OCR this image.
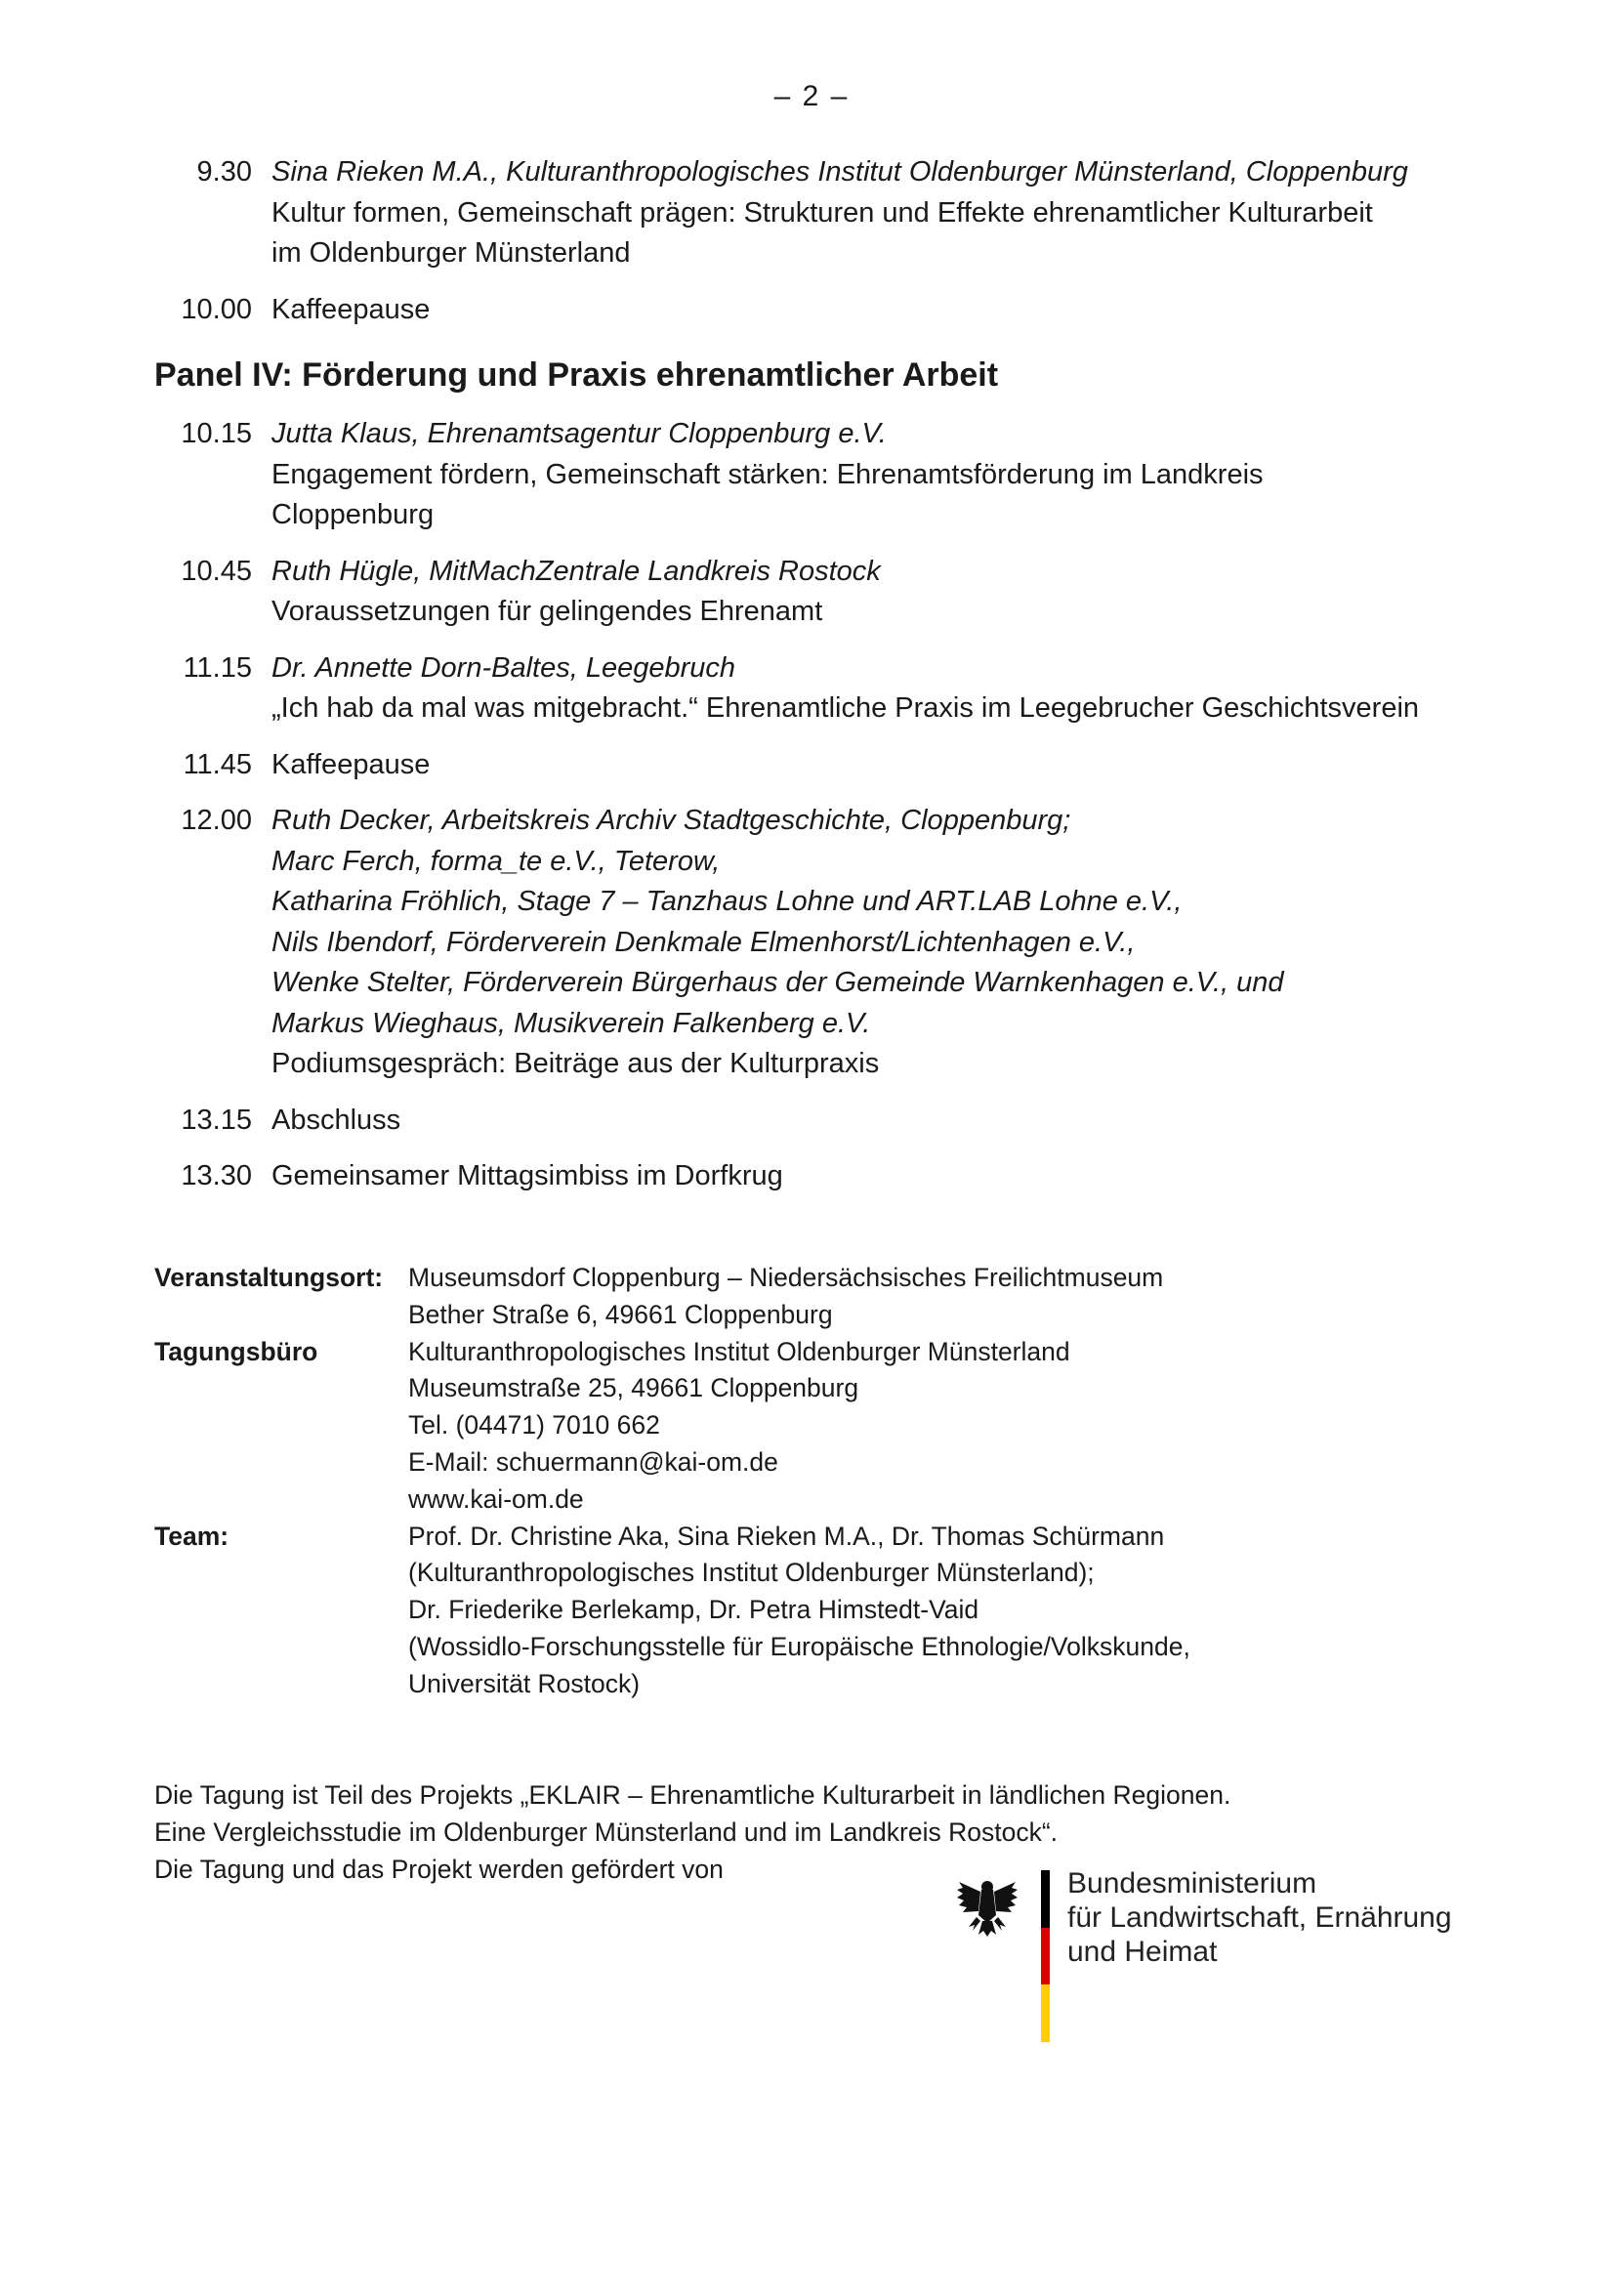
– 2 –
9.30 Sina Rieken M.A., Kulturanthropologisches Institut Oldenburger Münsterland, Cloppenburg
Kultur formen, Gemeinschaft prägen: Strukturen und Effekte ehrenamtlicher Kulturarbeit
im Oldenburger Münsterland
10.00 Kaffeepause
Panel IV: Förderung und Praxis ehrenamtlicher Arbeit
10.15 Jutta Klaus, Ehrenamtsagentur Cloppenburg e.V.
Engagement fördern, Gemeinschaft stärken: Ehrenamtsförderung im Landkreis
Cloppenburg
10.45 Ruth Hügle, MitMachZentrale Landkreis Rostock
Voraussetzungen für gelingendes Ehrenamt
11.15 Dr. Annette Dorn-Baltes, Leegebruch
„Ich hab da mal was mitgebracht.“ Ehrenamtliche Praxis im Leegebrucher Geschichtsverein
11.45 Kaffeepause
12.00 Ruth Decker, Arbeitskreis Archiv Stadtgeschichte, Cloppenburg;
Marc Ferch, forma_te e.V., Teterow,
Katharina Fröhlich, Stage 7 – Tanzhaus Lohne und ART.LAB Lohne e.V.,
Nils Ibendorf, Förderverein Denkmale Elmenhorst/Lichtenhagen e.V.,
Wenke Stelter, Förderverein Bürgerhaus der Gemeinde Warnkenhagen e.V., und
Markus Wieghaus, Musikverein Falkenberg e.V.
Podiumsgespräch: Beiträge aus der Kulturpraxis
13.15 Abschluss
13.30 Gemeinsamer Mittagsimbiss im Dorfkrug
Veranstaltungsort: Museumsdorf Cloppenburg – Niedersächsisches Freilichtmuseum
Bether Straße 6, 49661 Cloppenburg
Tagungsbüro	Kulturanthropologisches Institut Oldenburger Münsterland
Museumstraße 25, 49661 Cloppenburg
Tel. (04471) 7010 662
E-Mail: schuermann@kai-om.de
www.kai-om.de
Team:	Prof. Dr. Christine Aka, Sina Rieken M.A., Dr. Thomas Schürmann
(Kulturanthropologisches Institut Oldenburger Münsterland);
Dr. Friederike Berlekamp, Dr. Petra Himstedt-Vaid
(Wossidlo-Forschungsstelle für Europäische Ethnologie/Volkskunde,
Universität Rostock)
Die Tagung ist Teil des Projekts „EKLAIR – Ehrenamtliche Kulturarbeit in ländlichen Regionen.
Eine Vergleichsstudie im Oldenburger Münsterland und im Landkreis Rostock“.
Die Tagung und das Projekt werden gefördert von	Bundesministerium
für Landwirtschaft, Ernährung
und Heimat
